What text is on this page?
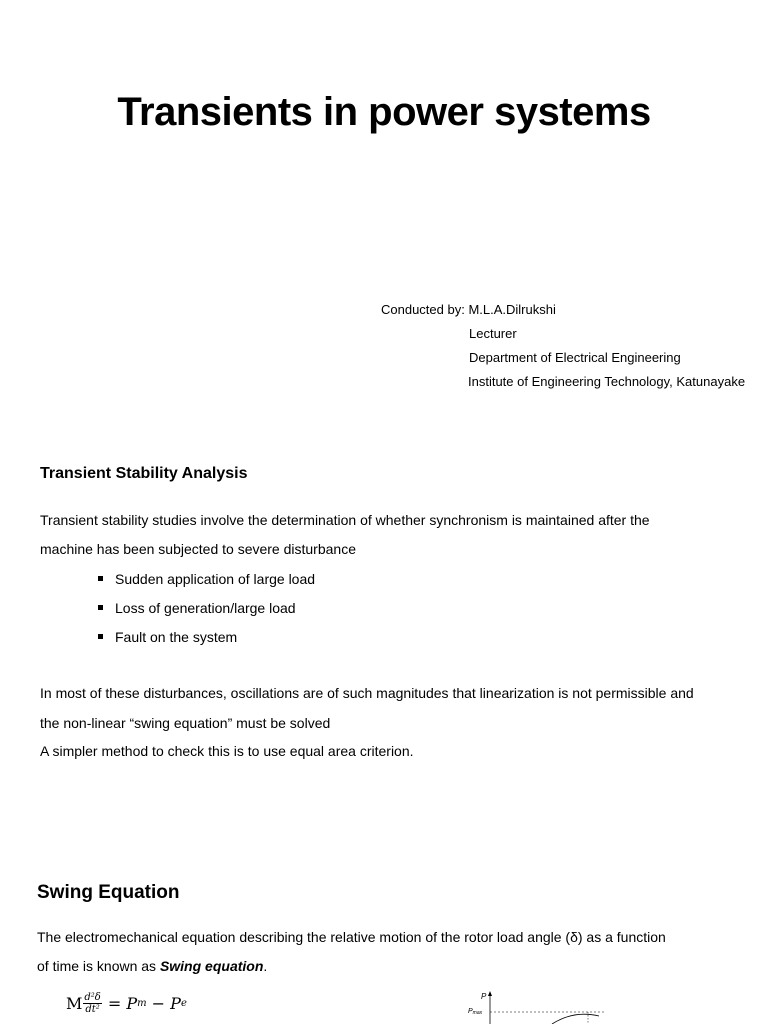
Transients in power systems
Conducted by: M.L.A.Dilrukshi
Lecturer
Department of Electrical Engineering
Institute of Engineering Technology, Katunayake
Transient Stability Analysis
Transient stability studies involve the determination of whether synchronism is maintained after the
machine has been subjected to severe disturbance
Sudden application of large load
Loss of generation/large load
Fault on the system
In most of these disturbances, oscillations are of such magnitudes that linearization is not permissible and
the non-linear “swing equation” must be solved
A simpler method to check this is to use equal area criterion.
Swing Equation
The electromechanical equation describing the relative motion of the rotor load angle (δ) as a function
of time is known as Swing equation.
M $\frac{\text{d²δ}}{\text{dt²}}$ =
P m
−
P e
P
Pmax
